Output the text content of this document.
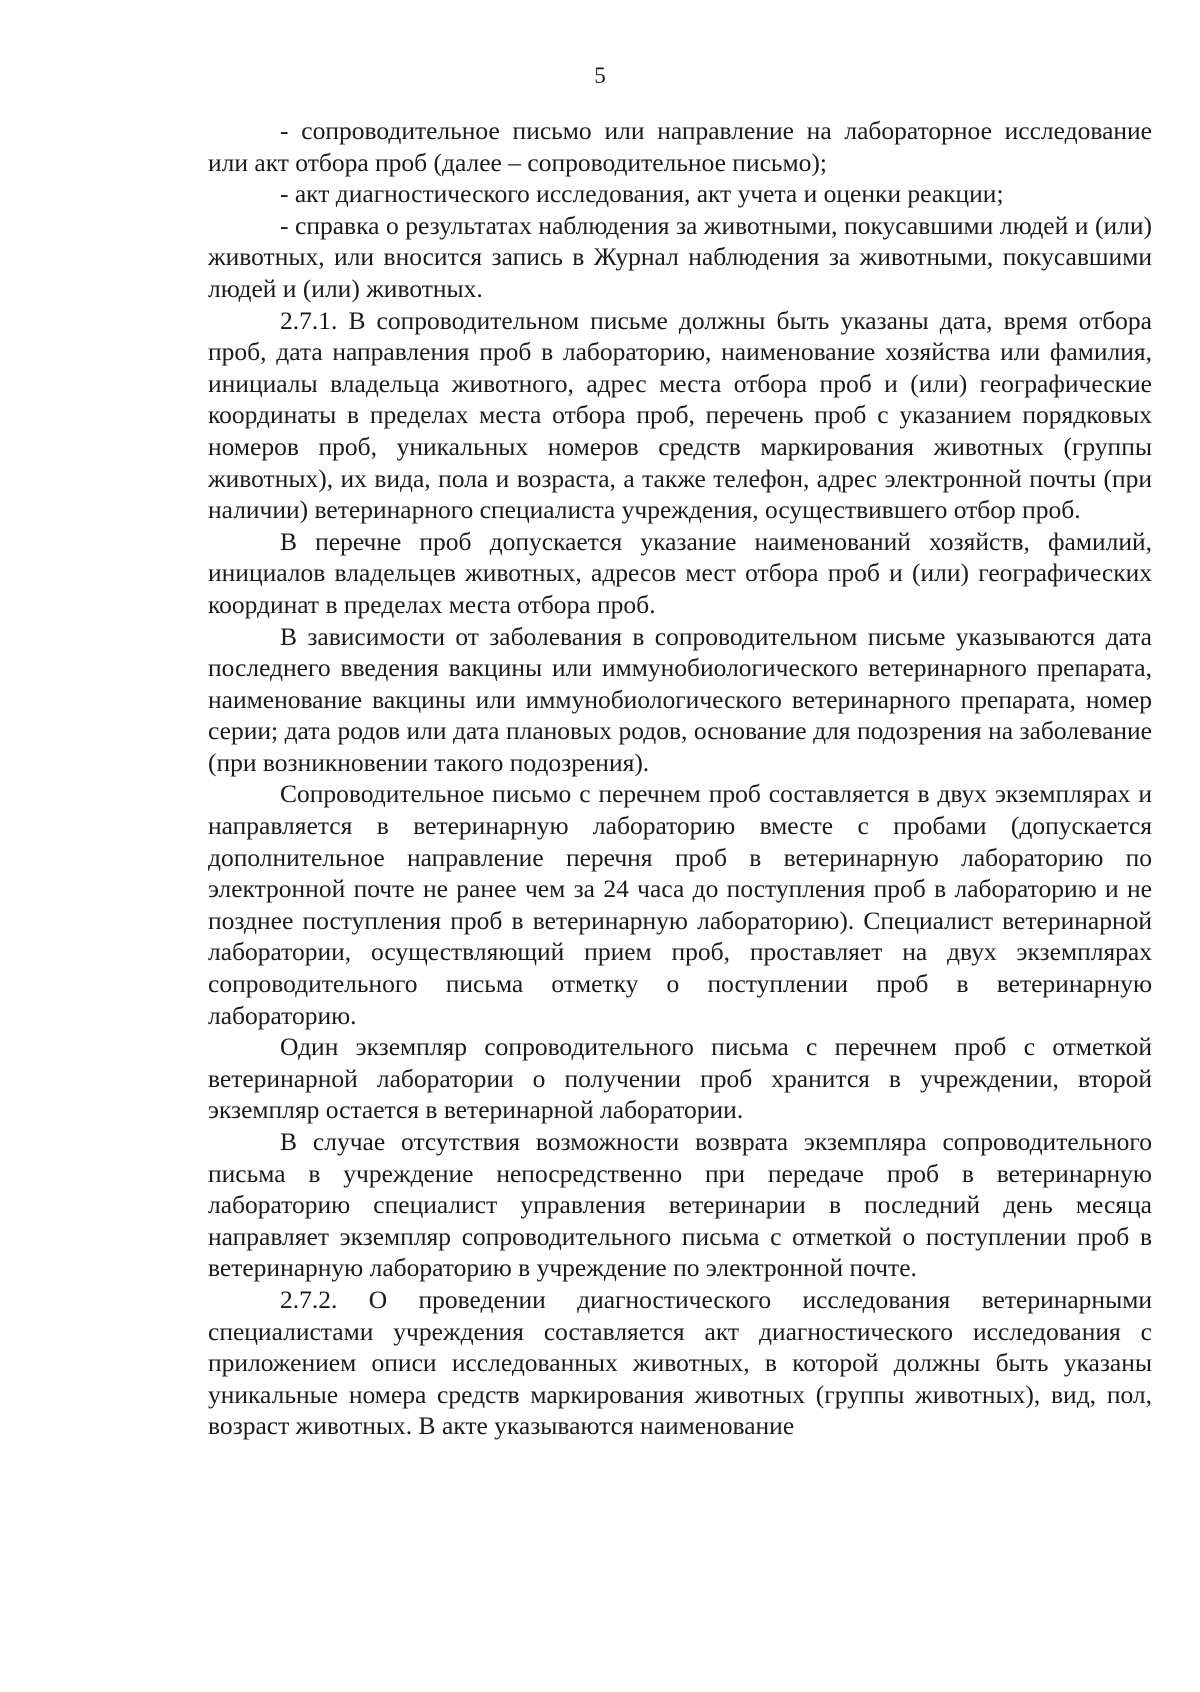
5

- сопроводительное письмо или направление на лабораторное исследование или акт отбора проб (далее – сопроводительное письмо);

- акт диагностического исследования, акт учета и оценки реакции;

- справка о результатах наблюдения за животными, покусавшими людей и (или) животных, или вносится запись в Журнал наблюдения за животными, покусавшими людей и (или) животных.

2.7.1. В сопроводительном письме должны быть указаны дата, время отбора проб, дата направления проб в лабораторию, наименование хозяйства или фамилия, инициалы владельца животного, адрес места отбора проб и (или) географические координаты в пределах места отбора проб, перечень проб с указанием порядковых номеров проб, уникальных номеров средств маркирования животных (группы животных), их вида, пола и возраста, а также телефон, адрес электронной почты (при наличии) ветеринарного специалиста учреждения, осуществившего отбор проб.

В перечне проб допускается указание наименований хозяйств, фамилий, инициалов владельцев животных, адресов мест отбора проб и (или) географических координат в пределах места отбора проб.

В зависимости от заболевания в сопроводительном письме указываются дата последнего введения вакцины или иммунобиологического ветеринарного препарата, наименование вакцины или иммунобиологического ветеринарного препарата, номер серии; дата родов или дата плановых родов, основание для подозрения на заболевание (при возникновении такого подозрения).

Сопроводительное письмо с перечнем проб составляется в двух экземплярах и направляется в ветеринарную лабораторию вместе с пробами (допускается дополнительное направление перечня проб в ветеринарную лабораторию по электронной почте не ранее чем за 24 часа до поступления проб в лабораторию и не позднее поступления проб в ветеринарную лабораторию). Специалист ветеринарной лаборатории, осуществляющий прием проб, проставляет на двух экземплярах сопроводительного письма отметку о поступлении проб в ветеринарную лабораторию.

Один экземпляр сопроводительного письма с перечнем проб с отметкой ветеринарной лаборатории о получении проб хранится в учреждении, второй экземпляр остается в ветеринарной лаборатории.

В случае отсутствия возможности возврата экземпляра сопроводительного письма в учреждение непосредственно при передаче проб в ветеринарную лабораторию специалист управления ветеринарии в последний день месяца направляет экземпляр сопроводительного письма с отметкой о поступлении проб в ветеринарную лабораторию в учреждение по электронной почте.

2.7.2. О проведении диагностического исследования ветеринарными специалистами учреждения составляется акт диагностического исследования с приложением описи исследованных животных, в которой должны быть указаны уникальные номера средств маркирования животных (группы животных), вид, пол, возраст животных. В акте указываются наименование
